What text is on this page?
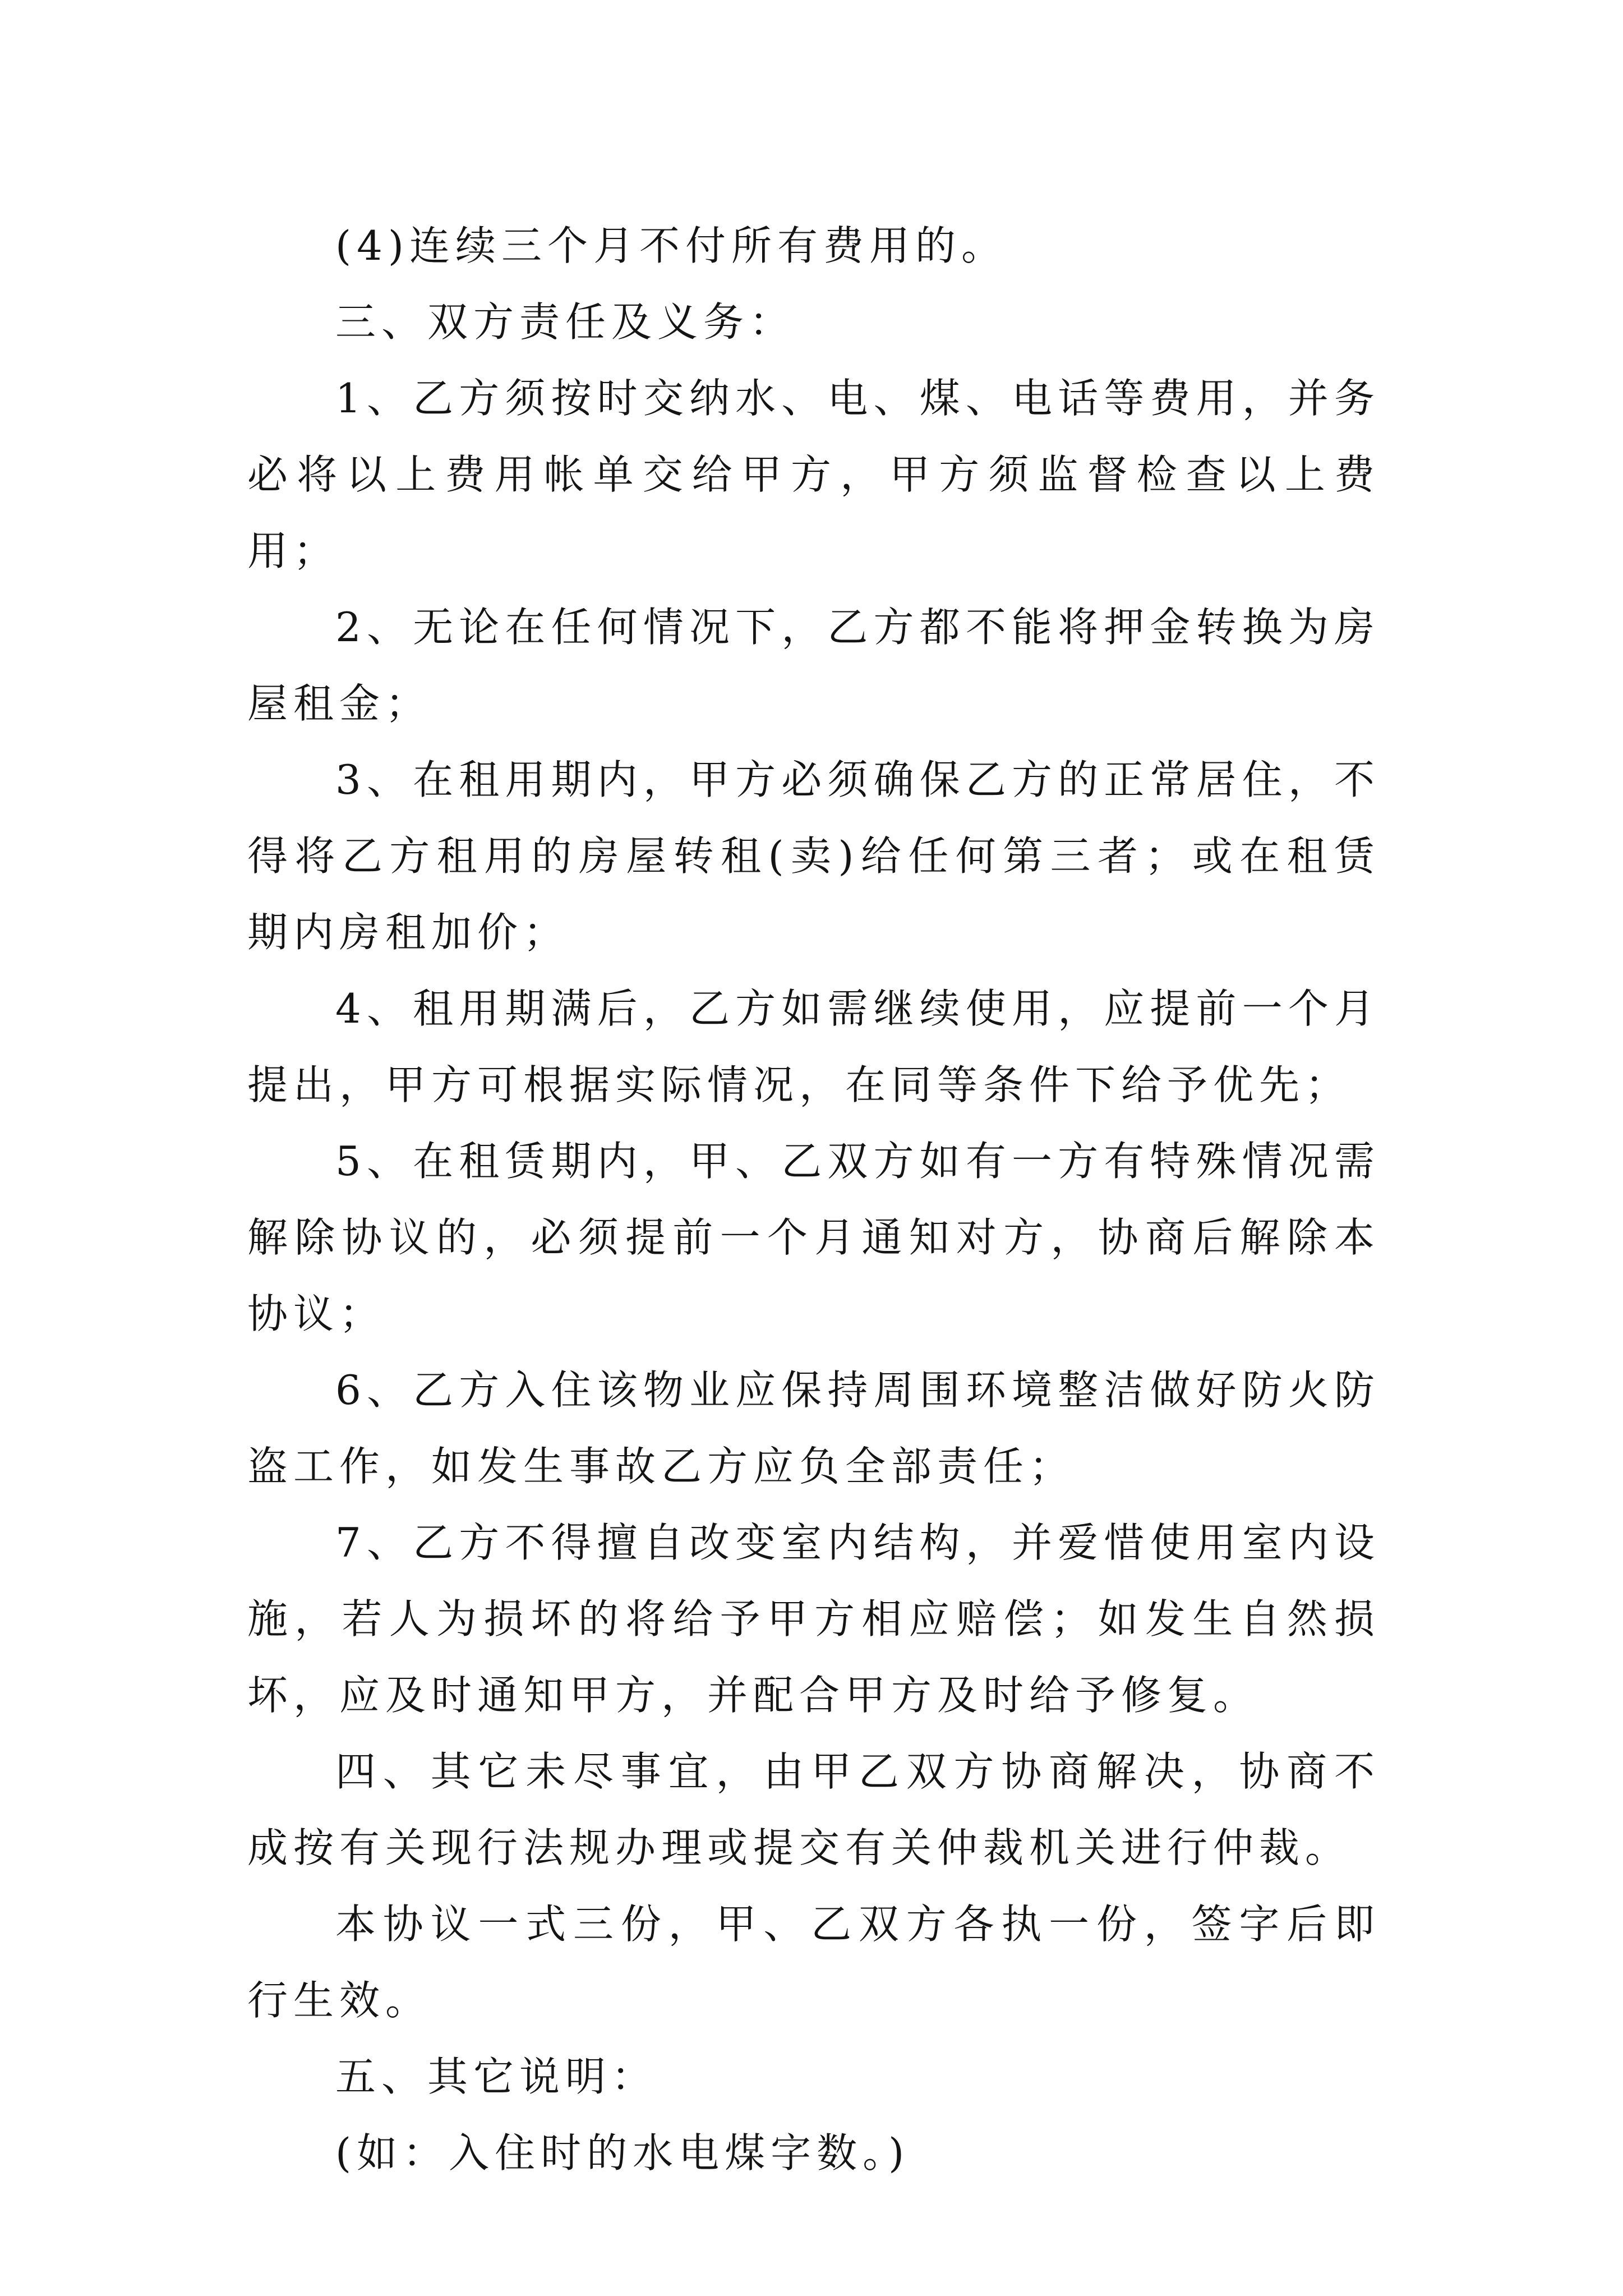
(4)连续三个月不付所有费用的。

三、双方责任及义务：

1、乙方须按时交纳水、电、煤、电话等费用，并务必将以上费用帐单交给甲方，甲方须监督检查以上费用；

2、无论在任何情况下，乙方都不能将押金转换为房屋租金；

3、在租用期内，甲方必须确保乙方的正常居住，不得将乙方租用的房屋转租(卖)给任何第三者；或在租赁期内房租加价；

4、租用期满后，乙方如需继续使用，应提前一个月提出，甲方可根据实际情况，在同等条件下给予优先；

5、在租赁期内，甲、乙双方如有一方有特殊情况需解除协议的，必须提前一个月通知对方，协商后解除本协议；

6、乙方入住该物业应保持周围环境整洁做好防火防盗工作，如发生事故乙方应负全部责任；

7、乙方不得擅自改变室内结构，并爱惜使用室内设施，若人为损坏的将给予甲方相应赔偿；如发生自然损坏，应及时通知甲方，并配合甲方及时给予修复。

四、其它未尽事宜，由甲乙双方协商解决，协商不成按有关现行法规办理或提交有关仲裁机关进行仲裁。

本协议一式三份，甲、乙双方各执一份，签字后即行生效。

五、其它说明：

(如：入住时的水电煤字数。)
